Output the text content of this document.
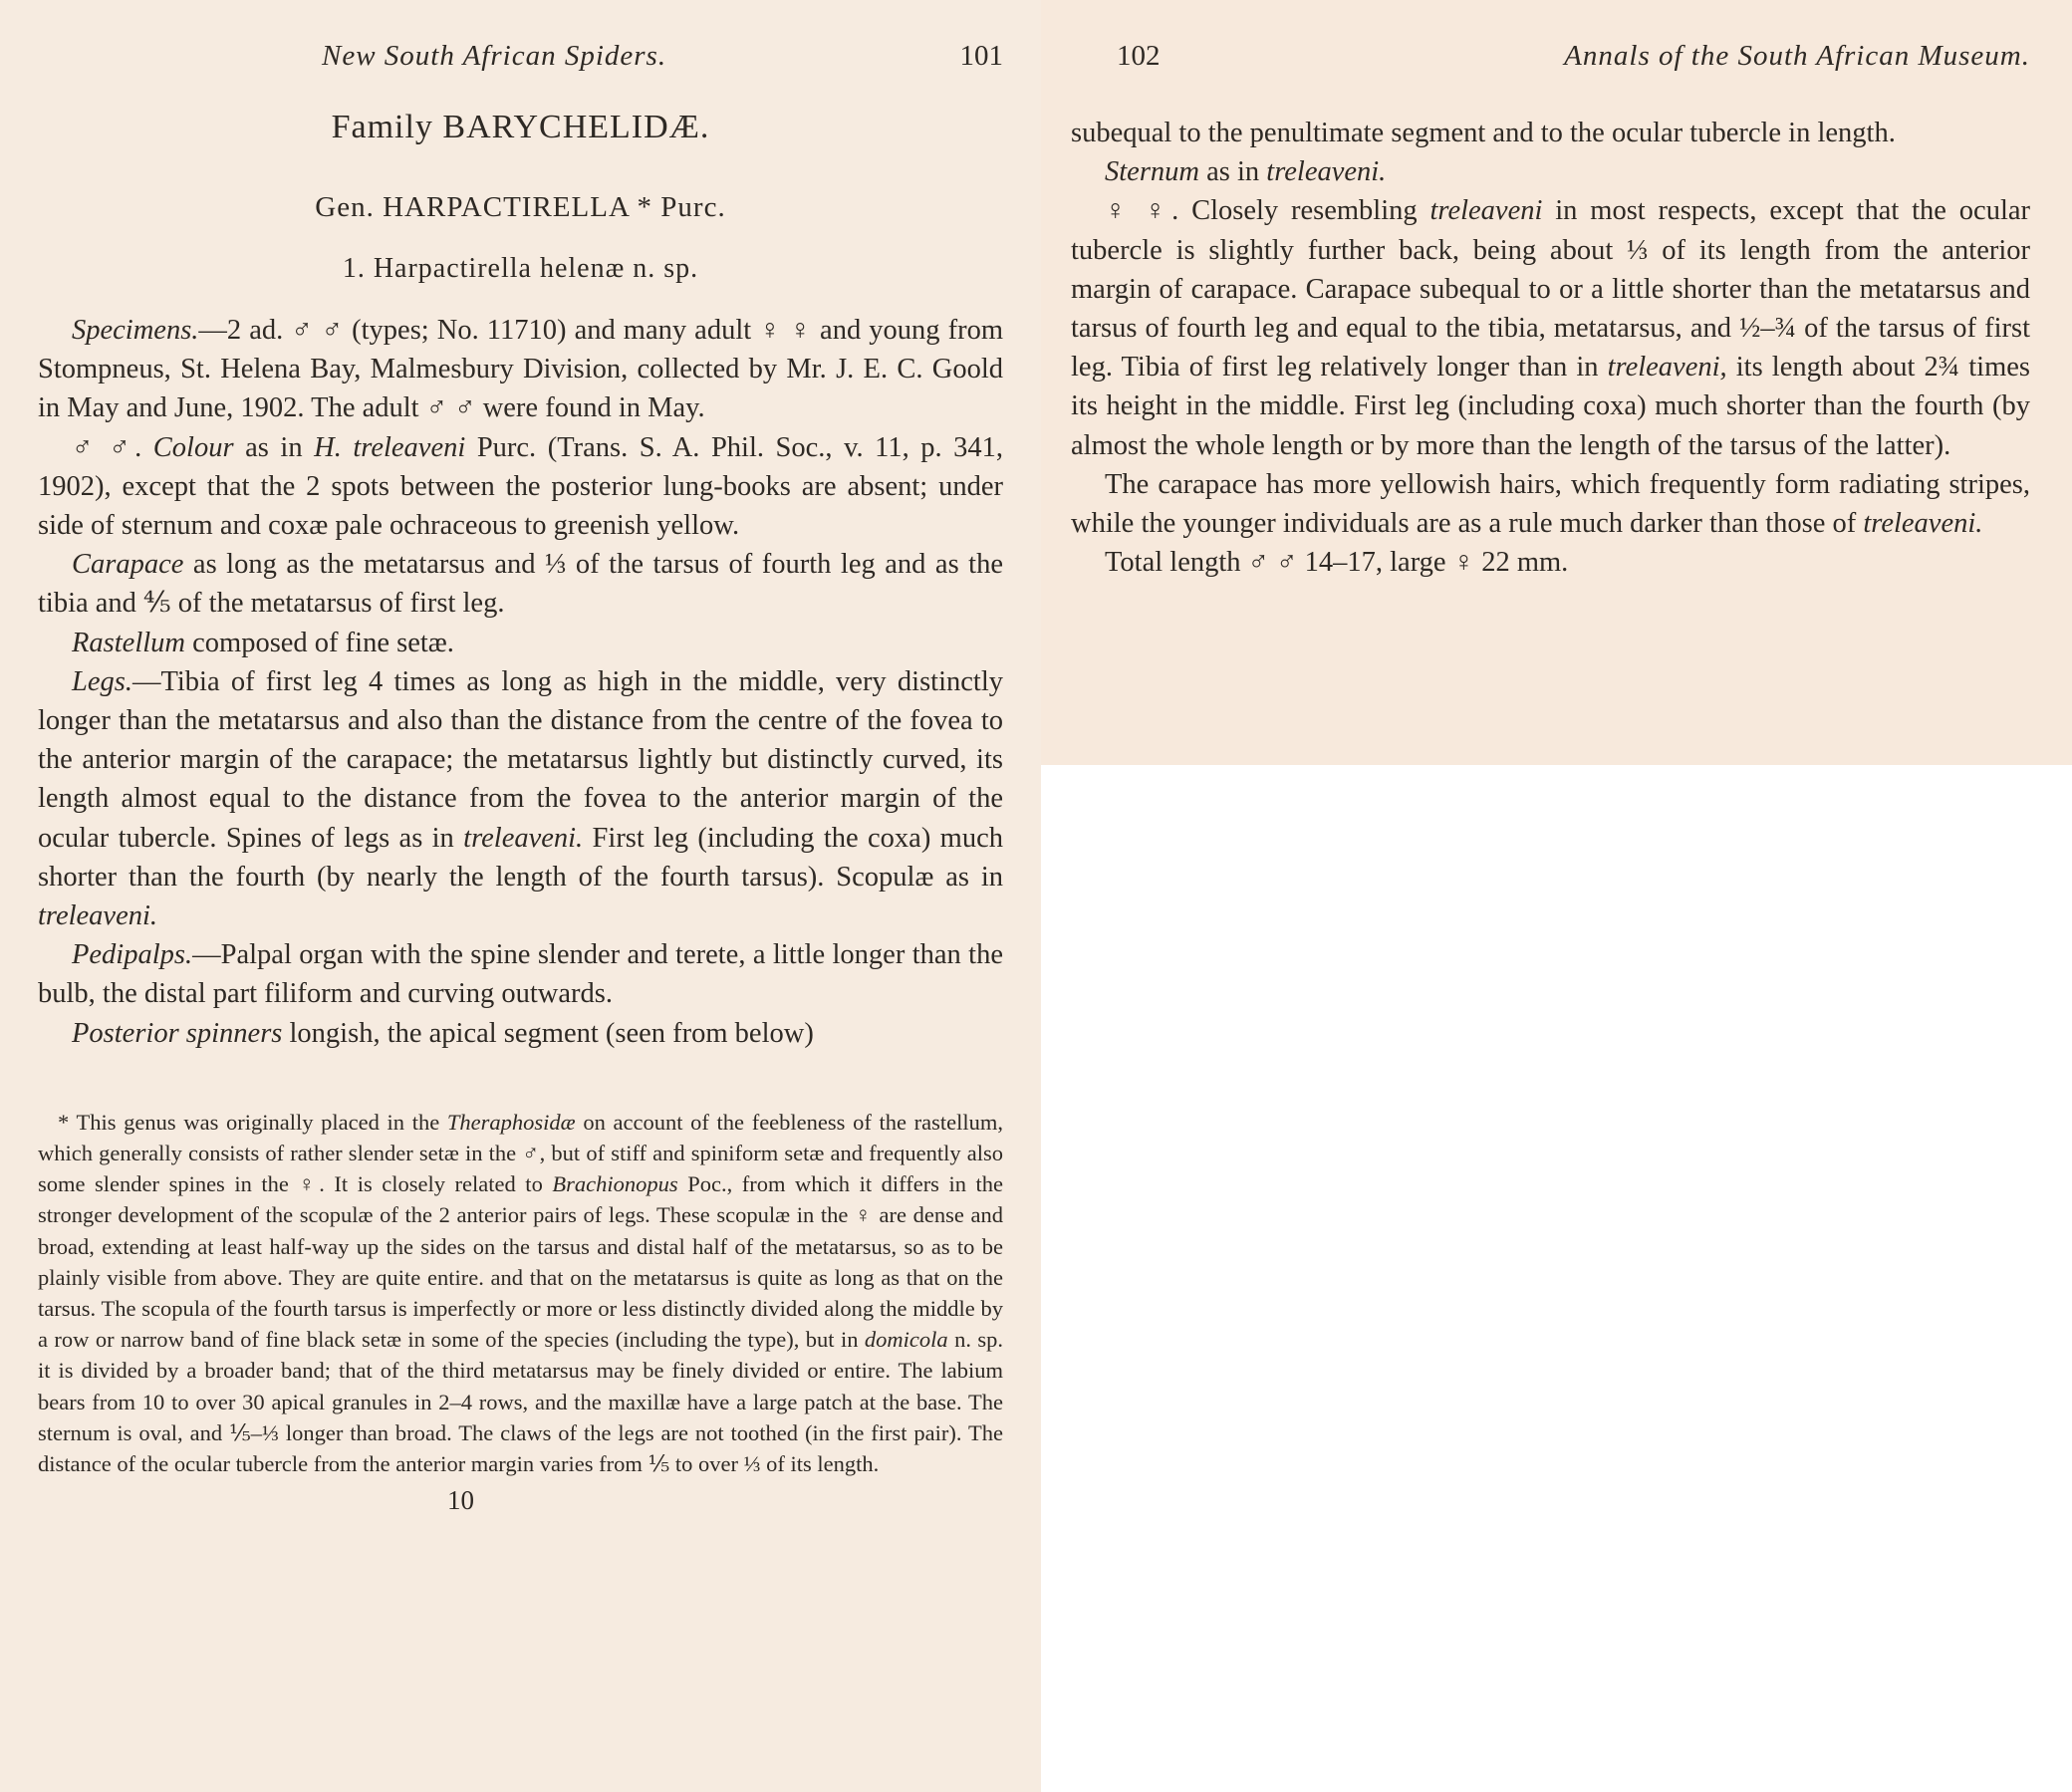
New South African Spiders.	101
Family BARYCHELIDÆ.
Gen. HARPACTIRELLA * Purc.
1. Harpactirella helenæ n. sp.

Specimens.—2 ad. ♂ ♂ (types; No. 11710) and many adult ♀ ♀ and young from Stompneus, St. Helena Bay, Malmesbury Division, collected by Mr. J. E. C. Goold in May and June, 1902. The adult ♂ ♂ were found in May.

♂ ♂. Colour as in H. treleaveni Purc. (Trans. S. A. Phil. Soc., v. 11, p. 341, 1902), except that the 2 spots between the posterior lung-books are absent; under side of sternum and coxæ pale ochraceous to greenish yellow.

Carapace as long as the metatarsus and ⅓ of the tarsus of fourth leg and as the tibia and ⅘ of the metatarsus of first leg.

Rastellum composed of fine setæ.

Legs.—Tibia of first leg 4 times as long as high in the middle, very distinctly longer than the metatarsus and also than the distance from the centre of the fovea to the anterior margin of the carapace; the metatarsus lightly but distinctly curved, its length almost equal to the distance from the fovea to the anterior margin of the ocular tubercle. Spines of legs as in treleaveni. First leg (including the coxa) much shorter than the fourth (by nearly the length of the fourth tarsus). Scopulæ as in treleaveni.

Pedipalps.—Palpal organ with the spine slender and terete, a little longer than the bulb, the distal part filiform and curving outwards.

Posterior spinners longish, the apical segment (seen from below)

* This genus was originally placed in the Theraphosidæ on account of the feebleness of the rastellum, which generally consists of rather slender setæ in the ♂, but of stiff and spiniform setæ and frequently also some slender spines in the ♀. It is closely related to Brachionopus Poc., from which it differs in the stronger development of the scopulæ of the 2 anterior pairs of legs. These scopulæ in the ♀ are dense and broad, extending at least half-way up the sides on the tarsus and distal half of the metatarsus, so as to be plainly visible from above. They are quite entire. and that on the metatarsus is quite as long as that on the tarsus. The scopula of the fourth tarsus is imperfectly or more or less distinctly divided along the middle by a row or narrow band of fine black setæ in some of the species (including the type), but in domicola n. sp. it is divided by a broader band; that of the third metatarsus may be finely divided or entire. The labium bears from 10 to over 30 apical granules in 2–4 rows, and the maxillæ have a large patch at the base. The sternum is oval, and ⅕–⅓ longer than broad. The claws of the legs are not toothed (in the first pair). The distance of the ocular tubercle from the anterior margin varies from ⅕ to over ⅓ of its length.
10
102	Annals of the South African Museum.

subequal to the penultimate segment and to the ocular tubercle in length.

Sternum as in treleaveni.

♀ ♀. Closely resembling treleaveni in most respects, except that the ocular tubercle is slightly further back, being about ⅓ of its length from the anterior margin of carapace. Carapace subequal to or a little shorter than the metatarsus and tarsus of fourth leg and equal to the tibia, metatarsus, and ½–¾ of the tarsus of first leg. Tibia of first leg relatively longer than in treleaveni, its length about 2¾ times its height in the middle. First leg (including coxa) much shorter than the fourth (by almost the whole length or by more than the length of the tarsus of the latter).

The carapace has more yellowish hairs, which frequently form radiating stripes, while the younger individuals are as a rule much darker than those of treleaveni.

Total length ♂ ♂ 14–17, large ♀ 22 mm.
